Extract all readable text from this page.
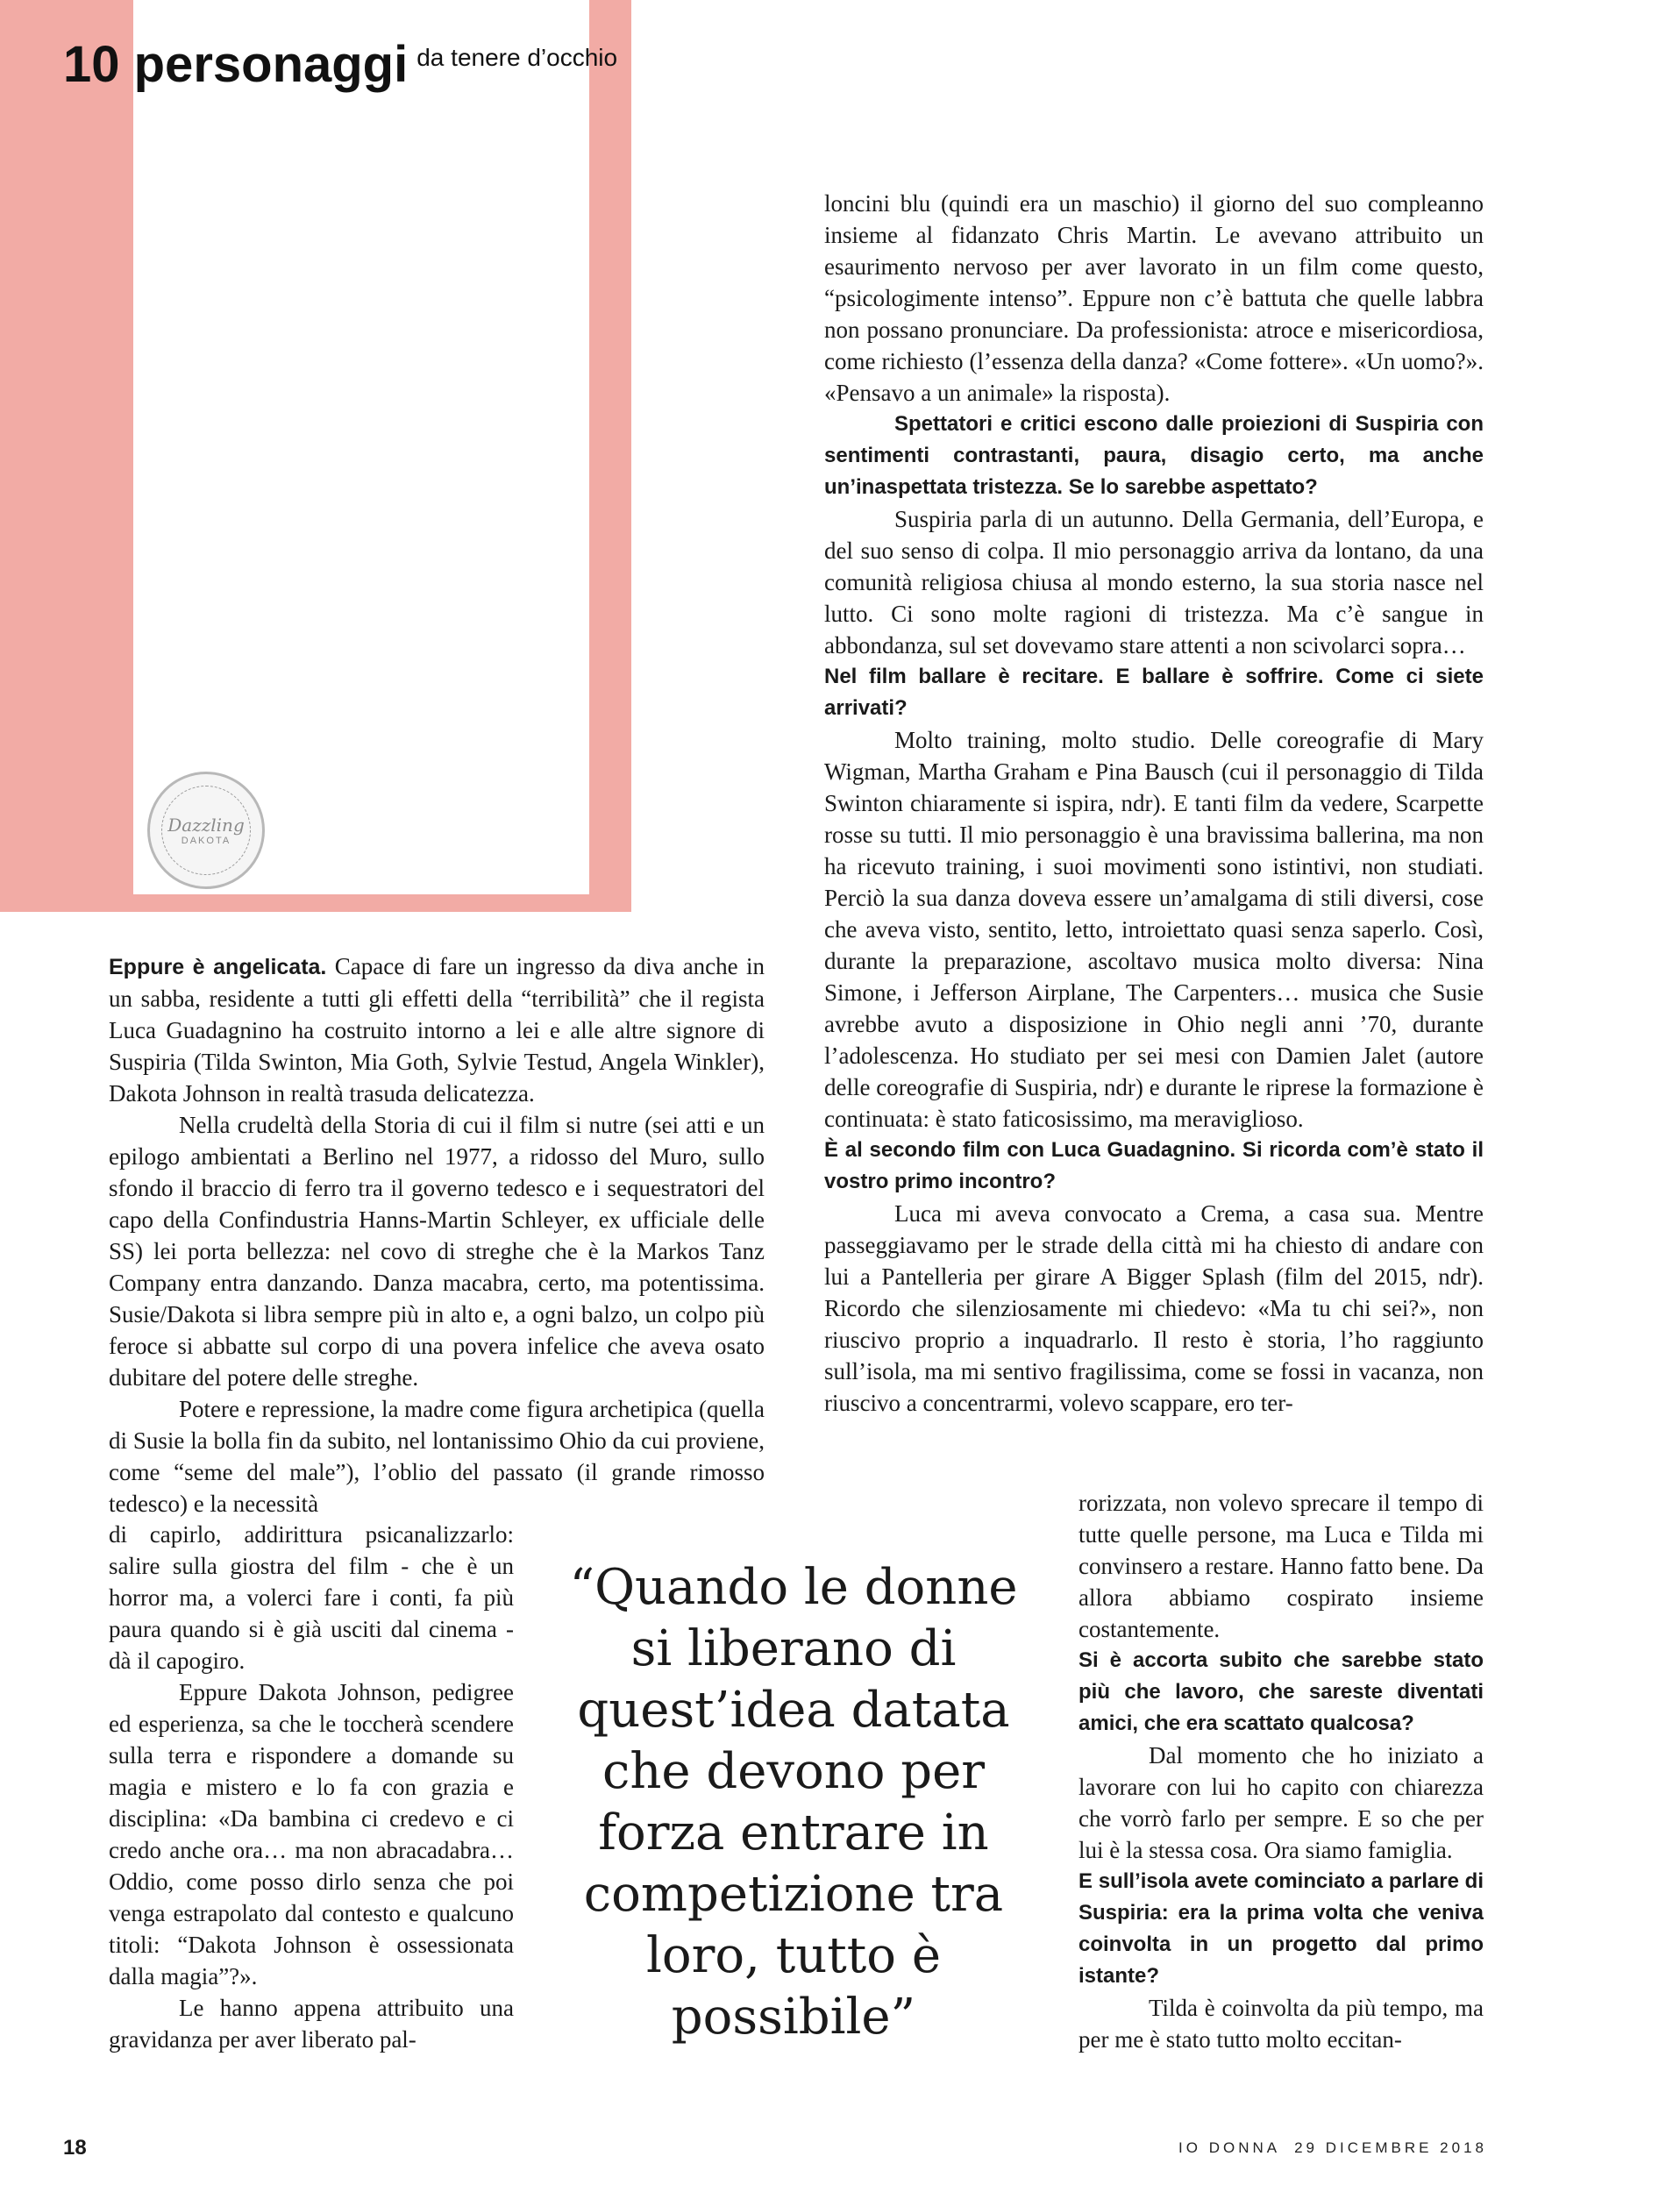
10 personaggi da tenere d’occhio
Dazzling
DAKOTA

loncini blu (quindi era un maschio) il giorno del suo compleanno insieme al fidanzato Chris Martin. Le avevano attribuito un esaurimento nervoso per aver lavorato in un film come questo, “psicologimente intenso”. Eppure non c’è battuta che quelle labbra non possano pronunciare. Da professionista: atroce e misericordiosa, come richiesto (l’essenza della danza? «Come fottere». «Un uomo?». «Pensavo a un animale» la risposta).

Spettatori e critici escono dalle proiezioni di Suspiria con sentimenti contrastanti, paura, disagio certo, ma anche un’inaspettata tristezza. Se lo sarebbe aspettato?

Suspiria parla di un autunno. Della Germania, dell’Europa, e del suo senso di colpa. Il mio personaggio arriva da lontano, da una comunità religiosa chiusa al mondo esterno, la sua storia nasce nel lutto. Ci sono molte ragioni di tristezza. Ma c’è sangue in abbondanza, sul set dovevamo stare attenti a non scivolarci sopra…

Nel film ballare è recitare. E ballare è soffrire. Come ci siete arrivati?

Molto training, molto studio. Delle coreografie di Mary Wigman, Martha Graham e Pina Bausch (cui il personaggio di Tilda Swinton chiaramente si ispira, ndr). E tanti film da vedere, Scarpette rosse su tutti. Il mio personaggio è una bravissima ballerina, ma non ha ricevuto training, i suoi movimenti sono istintivi, non studiati. Perciò la sua danza doveva essere un’amalgama di stili diversi, cose che aveva visto, sentito, letto, introiettato quasi senza saperlo. Così, durante la preparazione, ascoltavo musica molto diversa: Nina Simone, i Jefferson Airplane, The Carpenters… musica che Susie avrebbe avuto a disposizione in Ohio negli anni ’70, durante l’adolescenza. Ho studiato per sei mesi con Damien Jalet (autore delle coreografie di Suspiria, ndr) e durante le riprese la formazione è continuata: è stato faticosissimo, ma meraviglioso.

È al secondo film con Luca Guadagnino. Si ricorda com’è stato il vostro primo incontro?

Luca mi aveva convocato a Crema, a casa sua. Mentre passeggiavamo per le strade della città mi ha chiesto di andare con lui a Pantelleria per girare A Bigger Splash (film del 2015, ndr). Ricordo che silenziosamente mi chiedevo: «Ma tu chi sei?», non riuscivo proprio a inquadrarlo. Il resto è storia, l’ho raggiunto sull’isola, ma mi sentivo fragilissima, come se fossi in vacanza, non riuscivo a concentrarmi, volevo scappare, ero ter-

rorizzata, non volevo sprecare il tempo di tutte quelle persone, ma Luca e Tilda mi convinsero a restare. Hanno fatto bene. Da allora abbiamo cospirato insieme costantemente.

Si è accorta subito che sarebbe stato più che lavoro, che sareste diventati amici, che era scattato qualcosa?

Dal momento che ho iniziato a lavorare con lui ho capito con chiarezza che vorrò farlo per sempre. E so che per lui è la stessa cosa. Ora siamo famiglia.

E sull’isola avete cominciato a parlare di Suspiria: era la prima volta che veniva coinvolta in un progetto dal primo istante?

Tilda è coinvolta da più tempo, ma per me è stato tutto molto eccitan-

Eppure è angelicata. Capace di fare un ingresso da diva anche in un sabba, residente a tutti gli effetti della “terribilità” che il regista Luca Guadagnino ha costruito intorno a lei e alle altre signore di Suspiria (Tilda Swinton, Mia Goth, Sylvie Testud, Angela Winkler), Dakota Johnson in realtà trasuda delicatezza.

Nella crudeltà della Storia di cui il film si nutre (sei atti e un epilogo ambientati a Berlino nel 1977, a ridosso del Muro, sullo sfondo il braccio di ferro tra il governo tedesco e i sequestratori del capo della Confindustria Hanns-Martin Schleyer, ex ufficiale delle SS) lei porta bellezza: nel covo di streghe che è la Markos Tanz Company entra danzando. Danza macabra, certo, ma potentissima. Susie/Dakota si libra sempre più in alto e, a ogni balzo, un colpo più feroce si abbatte sul corpo di una povera infelice che aveva osato dubitare del potere delle streghe.

Potere e repressione, la madre come figura archetipica (quella di Susie la bolla fin da subito, nel lontanissimo Ohio da cui proviene, come “seme del male”), l’oblio del passato (il grande rimosso tedesco) e la necessità

di capirlo, addirittura psicanalizzarlo: salire sulla giostra del film - che è un horror ma, a volerci fare i conti, fa più paura quando si è già usciti dal cinema - dà il capogiro.

Eppure Dakota Johnson, pedigree ed esperienza, sa che le toccherà scendere sulla terra e rispondere a domande su magia e mistero e lo fa con grazia e disciplina: «Da bambina ci credevo e ci credo anche ora… ma non abracadabra… Oddio, come posso dirlo senza che poi venga estrapolato dal contesto e qualcuno titoli: “Dakota Johnson è ossessionata dalla magia”?».

Le hanno appena attribuito una gravidanza per aver liberato pal-

“Quando le donne si liberano di quest’idea datata che devono per forza entrare in competizione tra loro, tutto è possibile”
18	IO DONNA 29 DICEMBRE 2018
